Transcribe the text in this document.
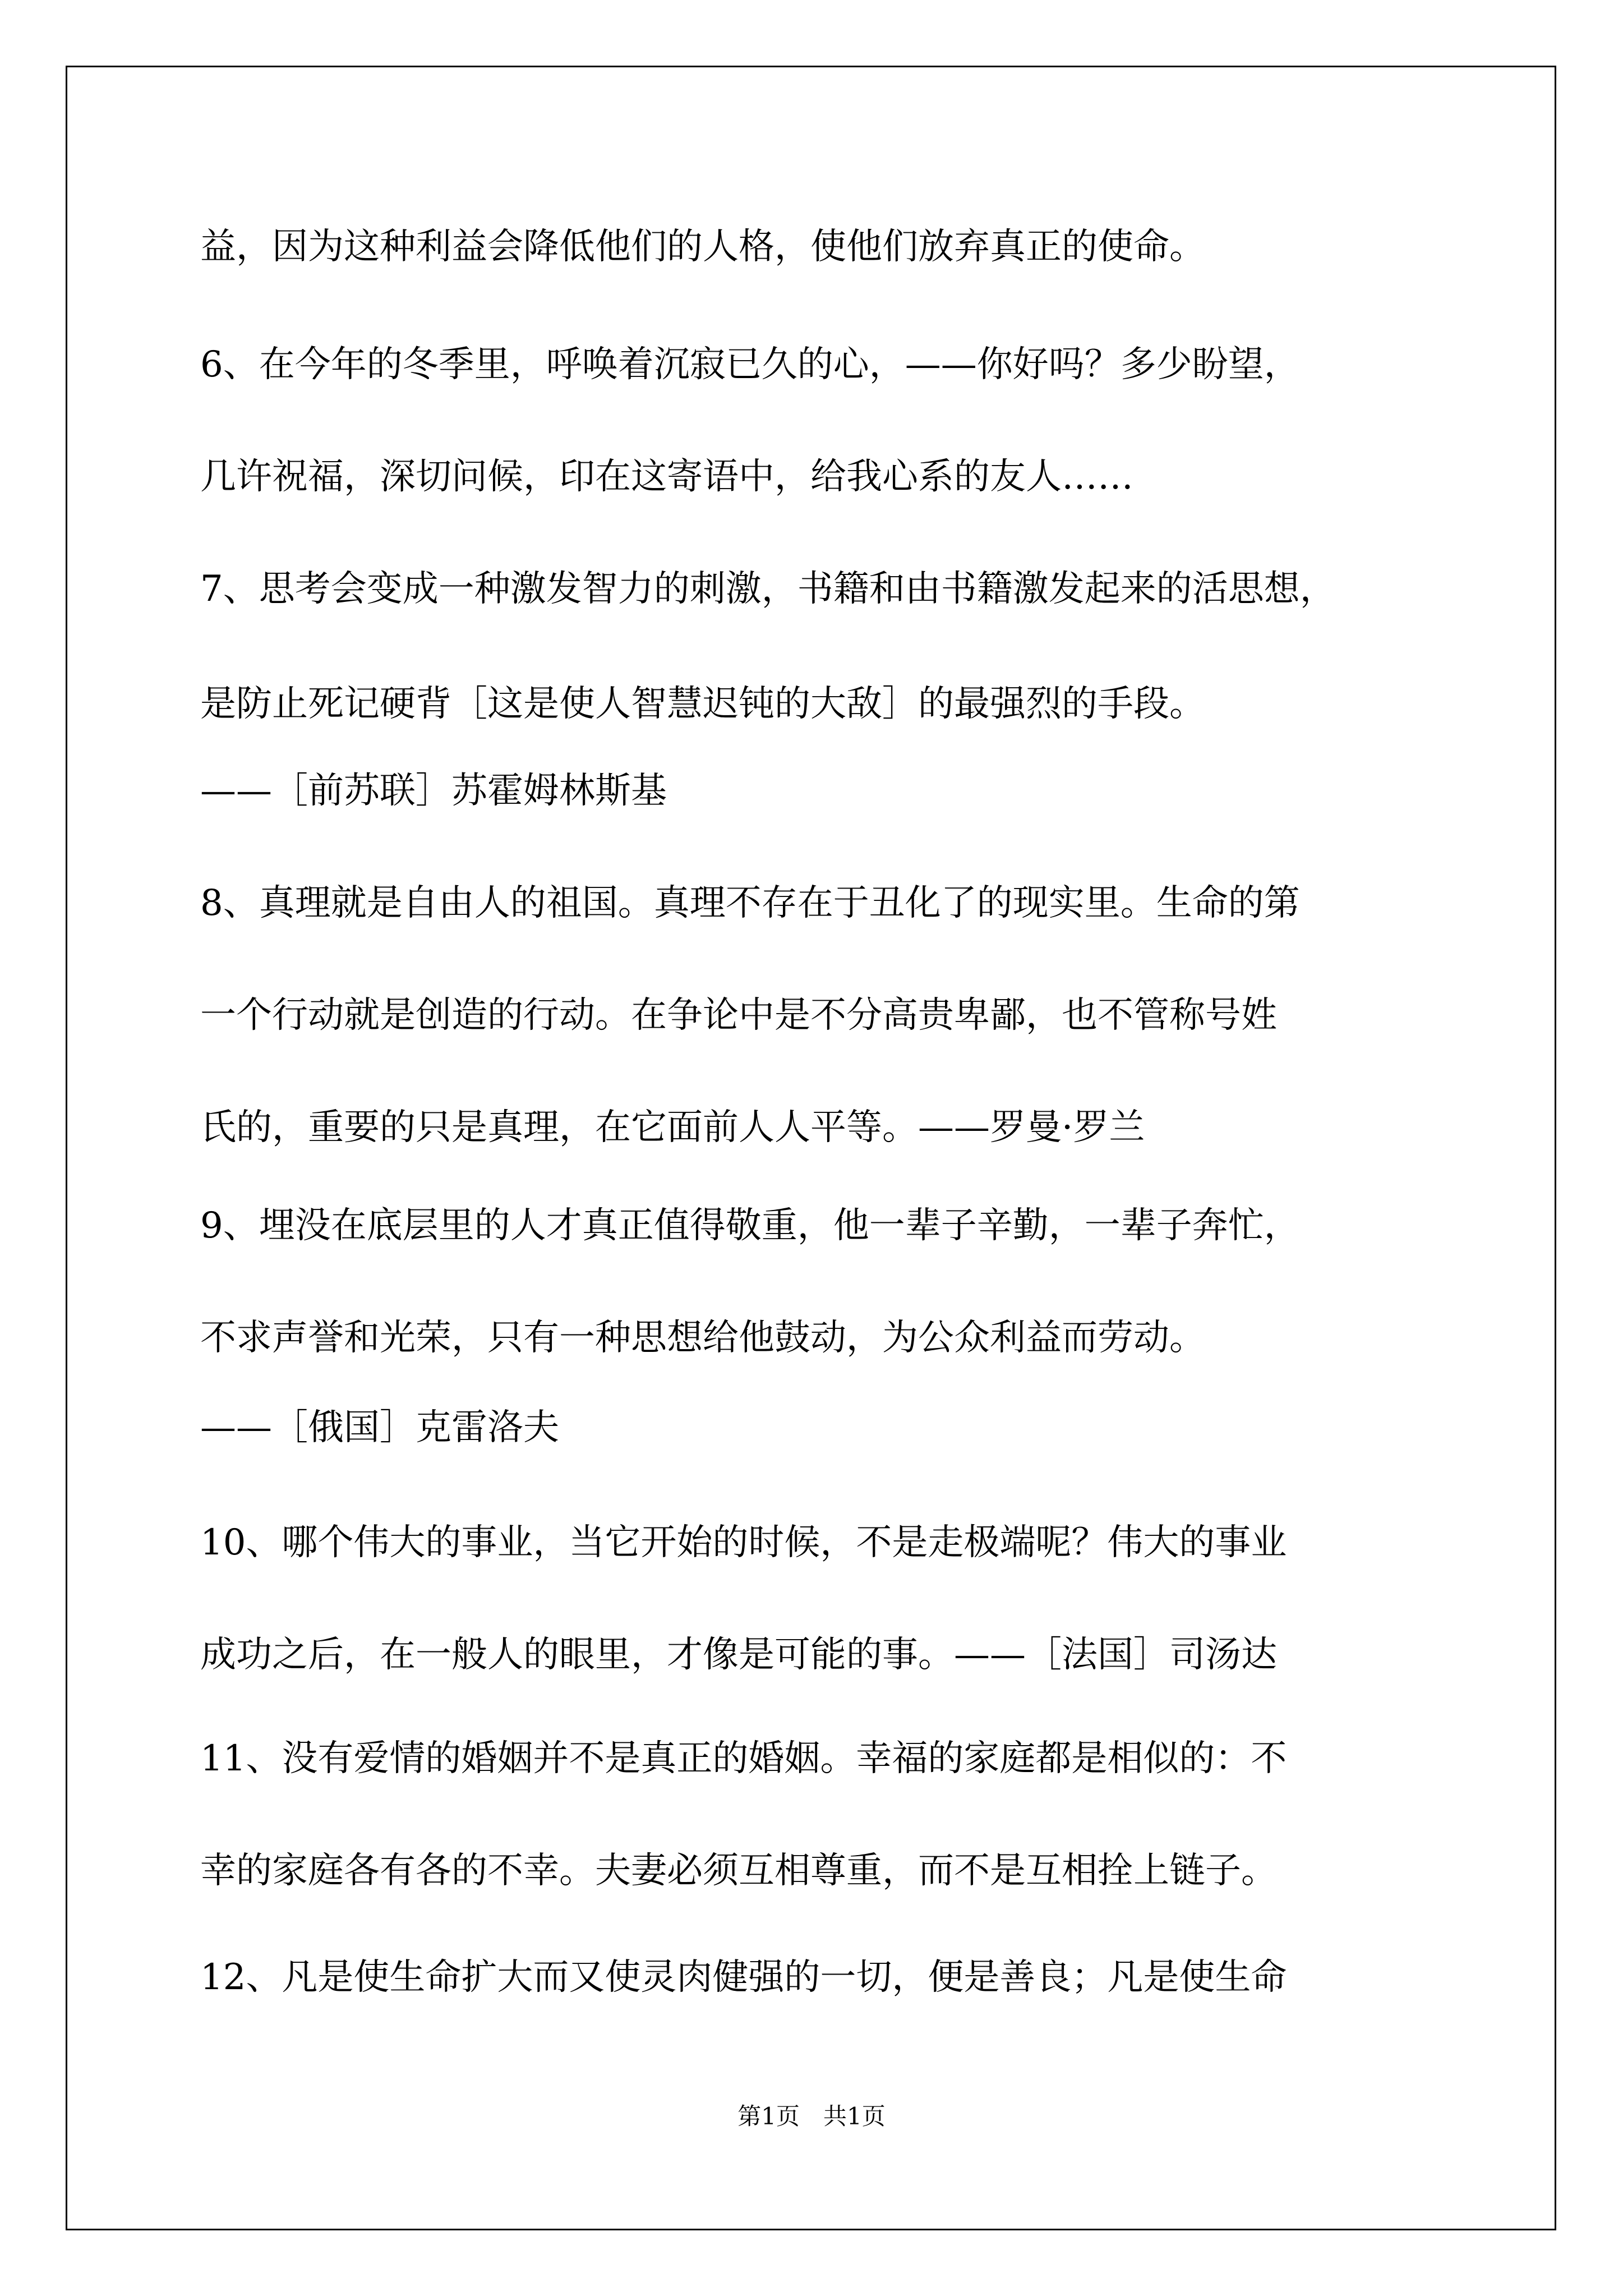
益，因为这种利益会降低他们的人格，使他们放弃真正的使命。
6、在今年的冬季里，呼唤着沉寂已久的心，——你好吗？多少盼望，
几许祝福，深切问候，印在这寄语中，给我心系的友人……
7、思考会变成一种激发智力的刺激，书籍和由书籍激发起来的活思想，
是防止死记硬背［这是使人智慧迟钝的大敌］的最强烈的手段。
——［前苏联］苏霍姆林斯基
8、真理就是自由人的祖国。真理不存在于丑化了的现实里。生命的第
一个行动就是创造的行动。在争论中是不分高贵卑鄙，也不管称号姓
氏的，重要的只是真理，在它面前人人平等。——罗曼·罗兰
9、埋没在底层里的人才真正值得敬重，他一辈子辛勤，一辈子奔忙，
不求声誉和光荣，只有一种思想给他鼓动，为公众利益而劳动。
——［俄国］克雷洛夫
10、哪个伟大的事业，当它开始的时候，不是走极端呢？伟大的事业
成功之后，在一般人的眼里，才像是可能的事。——［法国］司汤达
11、没有爱情的婚姻并不是真正的婚姻。幸福的家庭都是相似的：不
幸的家庭各有各的不幸。夫妻必须互相尊重，而不是互相拴上链子。
12、凡是使生命扩大而又使灵肉健强的一切，便是善良；凡是使生命
第1页　共1页
